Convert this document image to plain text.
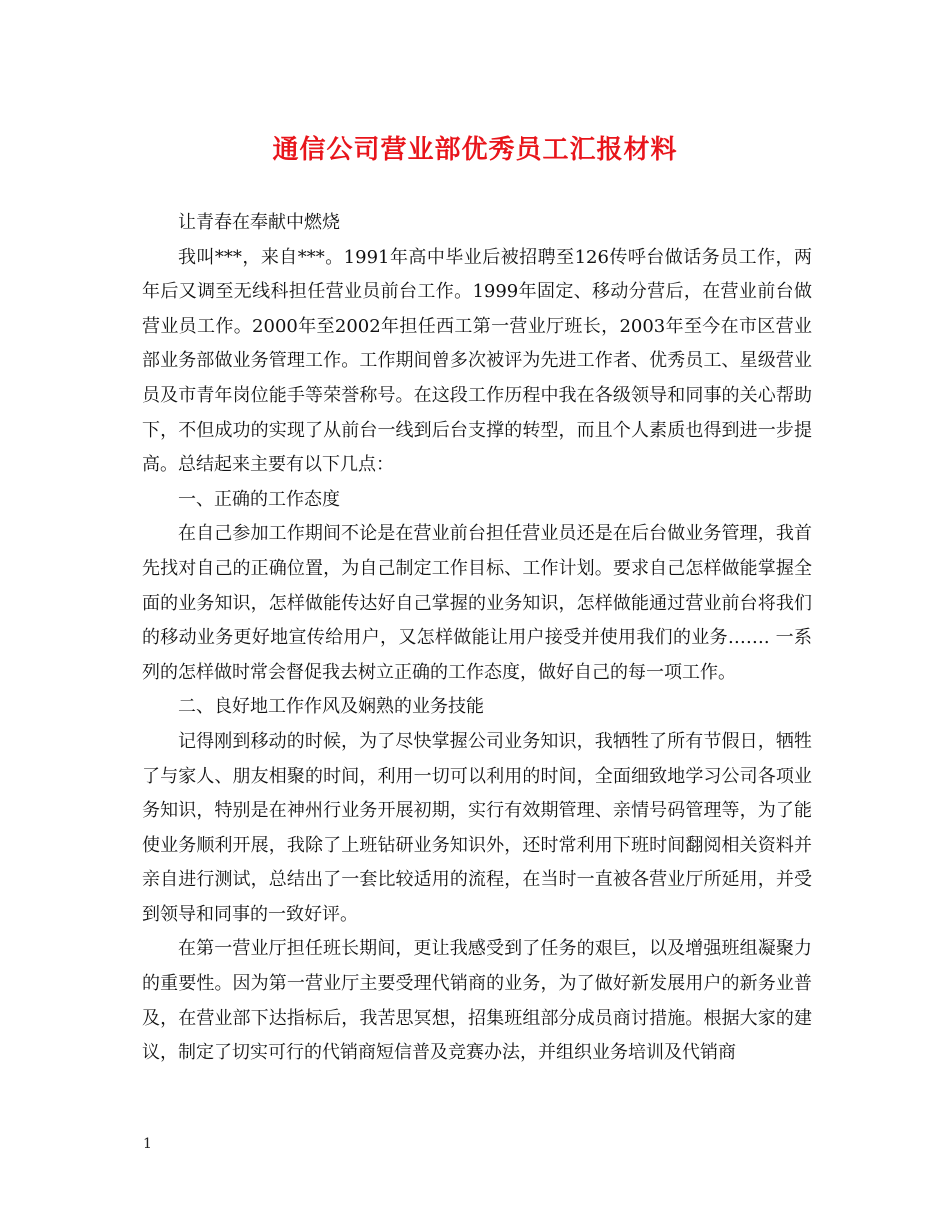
通信公司营业部优秀员工汇报材料

让青春在奉献中燃烧

我叫***，来自***。1991年高中毕业后被招聘至126传呼台做话务员工作，两年后又调至无线科担任营业员前台工作。1999年固定、移动分营后，在营业前台做营业员工作。2000年至2002年担任西工第一营业厅班长，2003年至今在市区营业部业务部做业务管理工作。工作期间曾多次被评为先进工作者、优秀员工、星级营业员及市青年岗位能手等荣誉称号。在这段工作历程中我在各级领导和同事的关心帮助下，不但成功的实现了从前台一线到后台支撑的转型，而且个人素质也得到进一步提高。总结起来主要有以下几点：

一、正确的工作态度

在自己参加工作期间不论是在营业前台担任营业员还是在后台做业务管理，我首先找对自己的正确位置，为自己制定工作目标、工作计划。要求自己怎样做能掌握全面的业务知识，怎样做能传达好自己掌握的业务知识，怎样做能通过营业前台将我们的移动业务更好地宣传给用户，又怎样做能让用户接受并使用我们的业务……. 一系列的怎样做时常会督促我去树立正确的工作态度，做好自己的每一项工作。

二、良好地工作作风及娴熟的业务技能

记得刚到移动的时候，为了尽快掌握公司业务知识，我牺牲了所有节假日，牺牲了与家人、朋友相聚的时间，利用一切可以利用的时间，全面细致地学习公司各项业务知识，特别是在神州行业务开展初期，实行有效期管理、亲情号码管理等，为了能使业务顺利开展，我除了上班钻研业务知识外，还时常利用下班时间翻阅相关资料并亲自进行测试，总结出了一套比较适用的流程，在当时一直被各营业厅所延用，并受到领导和同事的一致好评。

在第一营业厅担任班长期间，更让我感受到了任务的艰巨，以及增强班组凝聚力的重要性。因为第一营业厅主要受理代销商的业务，为了做好新发展用户的新务业普及，在营业部下达指标后，我苦思冥想，招集班组部分成员商讨措施。根据大家的建议，制定了切实可行的代销商短信普及竞赛办法，并组织业务培训及代销商

1
